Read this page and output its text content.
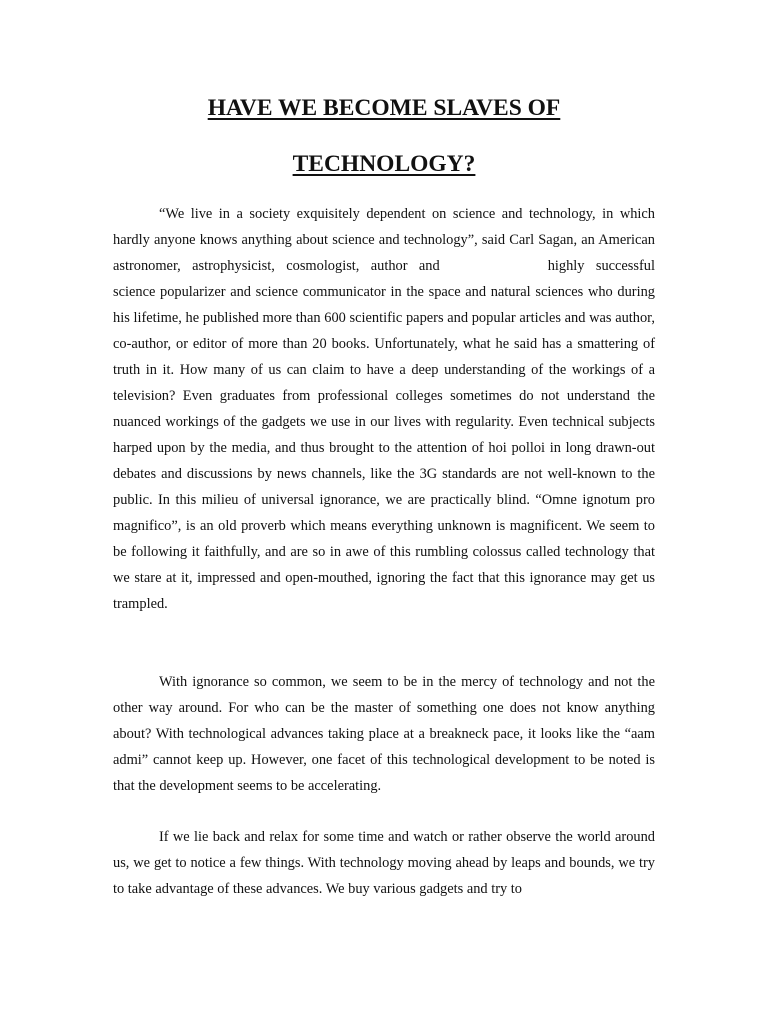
HAVE WE BECOME SLAVES OF
TECHNOLOGY?

“We live in a society exquisitely dependent on science and technology, in which hardly anyone knows anything about science and technology”, said Carl Sagan, an American astronomer, astrophysicist, cosmologist, author and	highly successful science popularizer and science communicator in the space and natural sciences who during his lifetime, he published more than 600 scientific papers and popular articles and was author, co-author, or editor of more than 20 books. Unfortunately, what he said has a smattering of truth in it. How many of us can claim to have a deep understanding of the workings of a television? Even graduates from professional colleges sometimes do not understand the nuanced workings of the gadgets we use in our lives with regularity. Even technical subjects harped upon by the media, and thus brought to the attention of hoi polloi in long drawn-out debates and discussions by news channels, like the 3G standards are not well-known to the public. In this milieu of universal ignorance, we are practically blind. “Omne ignotum pro magnifico”, is an old proverb which means everything unknown is magnificent. We seem to be following it faithfully, and are so in awe of this rumbling colossus called technology that we stare at it, impressed and open-mouthed, ignoring the fact that this ignorance may get us trampled.

With ignorance so common, we seem to be in the mercy of technology and not the other way around. For who can be the master of something one does not know anything about? With technological advances taking place at a breakneck pace, it looks like the “aam admi” cannot keep up. However, one facet of this technological development to be noted is that the development seems to be accelerating.

If we lie back and relax for some time and watch or rather observe the world around us, we get to notice a few things. With technology moving ahead by leaps and bounds, we try to take advantage of these advances. We buy various gadgets and try to
